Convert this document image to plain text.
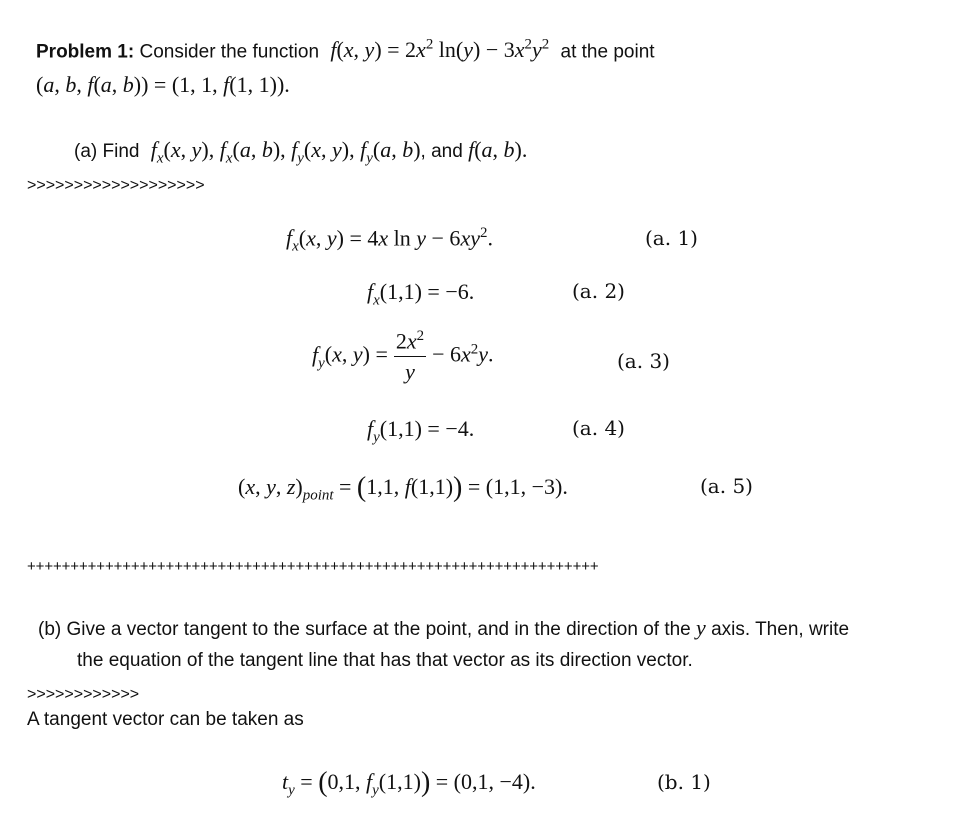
Problem 1: Consider the function f(x, $y) = 2x^2$ $\ln(y) - 3x^2y^2$ at the point
(a, b, f(a, b)) = (1, 1, f(1, 1)).
(a) Find $f_x(x$, y), $f_x(a$, b), $f_y(x$, y), $f_y(a$, b), and f(a, b).
>>>>>>>>>>>>>>>>>>>
$f_x(x$, y) = 4x $\ln y - 6xy^2$.	(a. 1)
$f_x(1,1) = -6$.	(a. 2)
$f_y(x$, $y) = \frac{2x^2}{y} - 6x^2y$.	(a. 3)
$f_y(1,1) = -4$.	(a. 4)
(x, y, $z)_{point} = (1,1$, f(1,1)) = (1,1, −3).	(a. 5)
++++++++++++++++++++++++++++++++++++++++++++++++++++++++++++++++++
(b) Give a vector tangent to the surface at the point, and in the direction of the y axis. Then, write
the equation of the tangent line that has that vector as its direction vector.
>>>>>>>>>>>>
A tangent vector can be taken as
$t_y = (0,1$, $f_y(1,1)) = (0,1$, −4).	(b. 1)
